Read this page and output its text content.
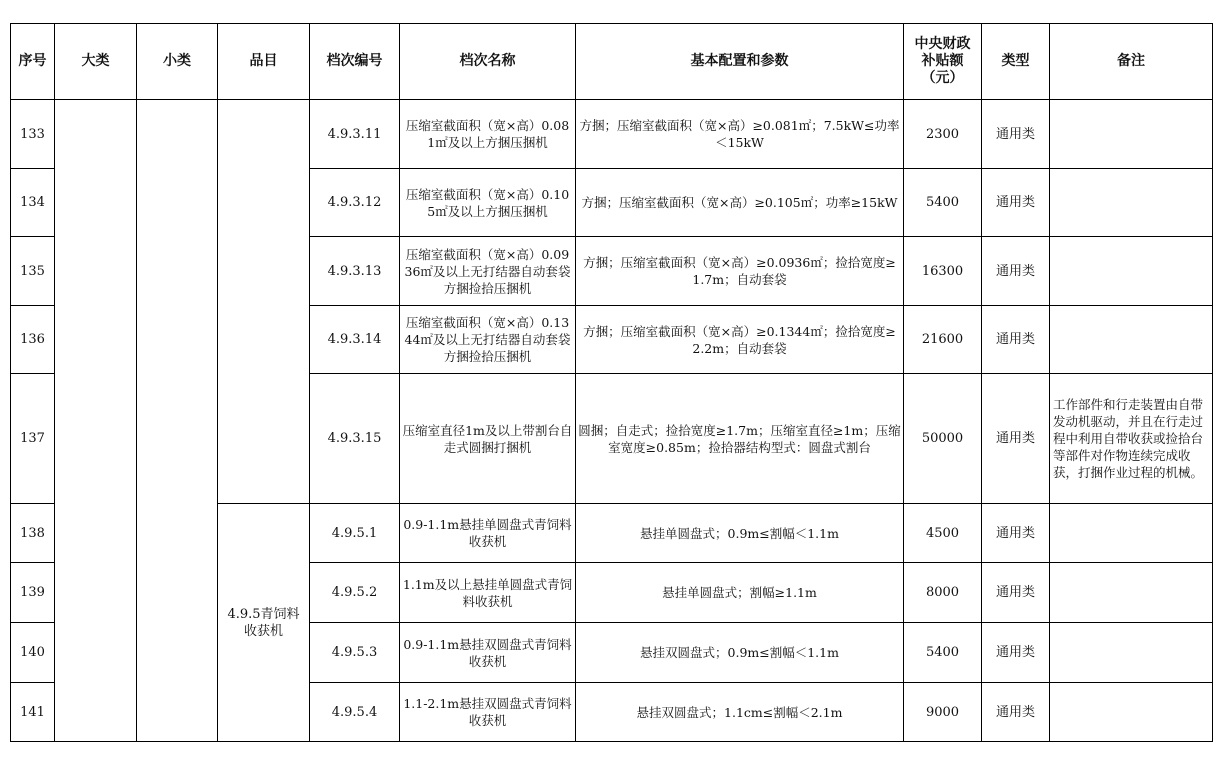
序号	大类	小类	品目	档次编号	档次名称	基本配置和参数	中央财政补贴额（元）	类型	备注
133				4.9.3.11	压缩室截面积（宽×高）0.081㎡及以上方捆压捆机	方捆；压缩室截面积（宽×高）≥0.081㎡；7.5kW≤功率＜15kW	2300	通用类	
134				4.9.3.12	压缩室截面积（宽×高）0.105㎡及以上方捆压捆机	方捆；压缩室截面积（宽×高）≥0.105㎡；功率≥15kW	5400	通用类	
135				4.9.3.13	压缩室截面积（宽×高）0.0936㎡及以上无打结器自动套袋方捆捡拾压捆机	方捆；压缩室截面积（宽×高）≥0.0936㎡；捡拾宽度≥1.7m；自动套袋	16300	通用类	
136				4.9.3.14	压缩室截面积（宽×高）0.1344㎡及以上无打结器自动套袋方捆捡拾压捆机	方捆；压缩室截面积（宽×高）≥0.1344㎡；捡拾宽度≥2.2m；自动套袋	21600	通用类	
137				4.9.3.15	压缩室直径1m及以上带割台自走式圆捆打捆机	圆捆；自走式；捡拾宽度≥1.7m；压缩室直径≥1m；压缩室宽度≥0.85m；捡拾器结构型式：圆盘式割台	50000	通用类	工作部件和行走装置由自带发动机驱动，并且在行走过程中利用自带收获或捡拾台等部件对作物连续完成收获，打捆作业过程的机械。
138			4.9.5青饲料收获机	4.9.5.1	0.9-1.1m悬挂单圆盘式青饲料收获机	悬挂单圆盘式；0.9m≤割幅＜1.1m	4500	通用类	
139				4.9.5.2	1.1m及以上悬挂单圆盘式青饲料收获机	悬挂单圆盘式；割幅≥1.1m	8000	通用类	
140				4.9.5.3	0.9-1.1m悬挂双圆盘式青饲料收获机	悬挂双圆盘式；0.9m≤割幅＜1.1m	5400	通用类	
141				4.9.5.4	1.1-2.1m悬挂双圆盘式青饲料收获机	悬挂双圆盘式；1.1cm≤割幅＜2.1m	9000	通用类	
